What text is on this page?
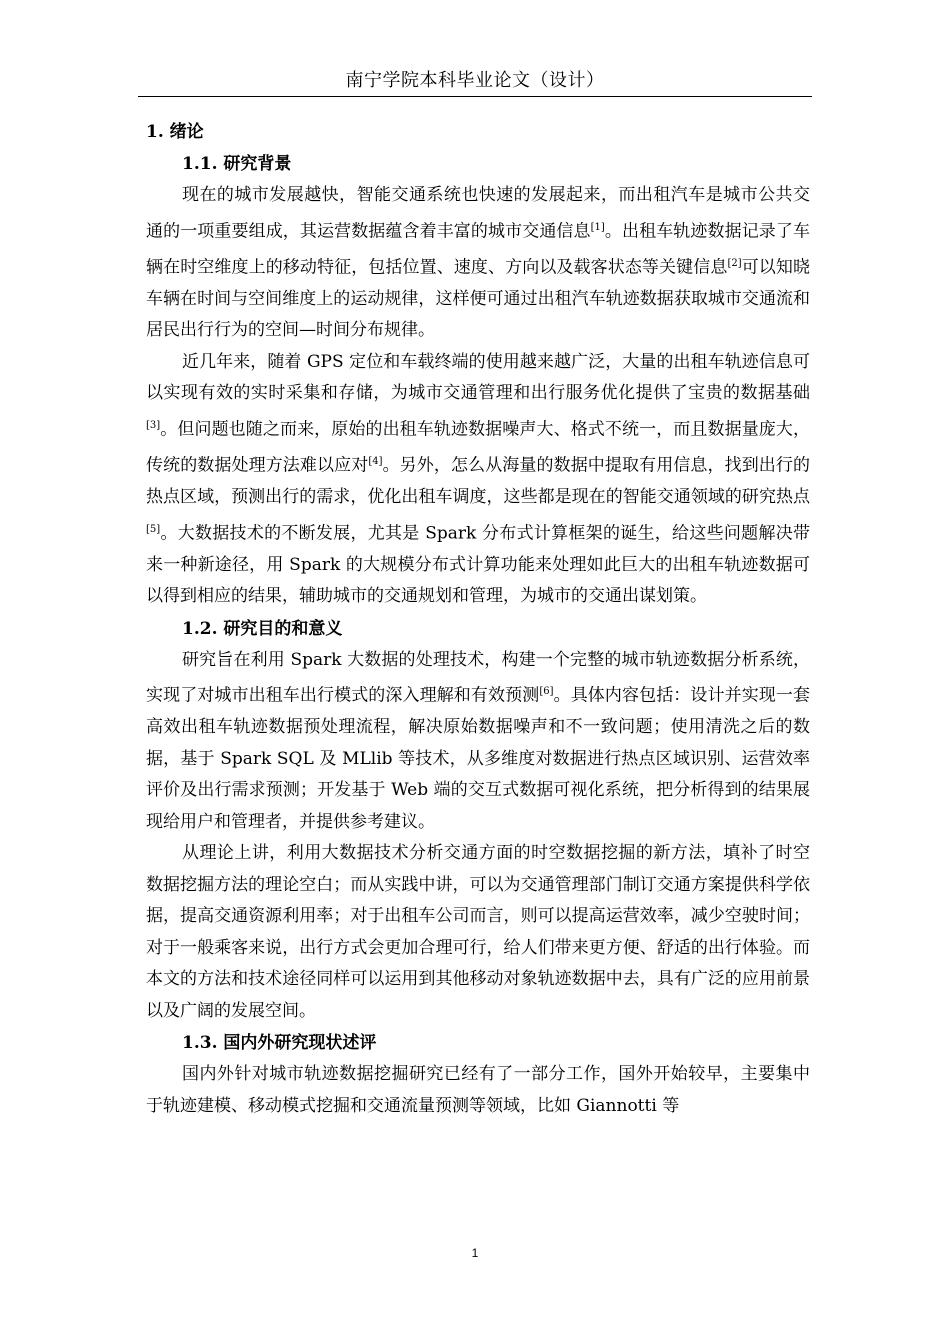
南宁学院本科毕业论文（设计）
1. 绪论
1.1. 研究背景

现在的城市发展越快，智能交通系统也快速的发展起来，而出租汽车是城市公共交通的一项重要组成，其运营数据蕴含着丰富的城市交通信息[1]。出租车轨迹数据记录了车辆在时空维度上的移动特征，包括位置、速度、方向以及载客状态等关键信息[2]可以知晓车辆在时间与空间维度上的运动规律，这样便可通过出租汽车轨迹数据获取城市交通流和居民出行行为的空间—时间分布规律。

近几年来，随着 GPS 定位和车载终端的使用越来越广泛，大量的出租车轨迹信息可以实现有效的实时采集和存储，为城市交通管理和出行服务优化提供了宝贵的数据基础[3]。但问题也随之而来，原始的出租车轨迹数据噪声大、格式不统一，而且数据量庞大，传统的数据处理方法难以应对[4]。另外，怎么从海量的数据中提取有用信息，找到出行的热点区域，预测出行的需求，优化出租车调度，这些都是现在的智能交通领域的研究热点[5]。大数据技术的不断发展，尤其是 Spark 分布式计算框架的诞生，给这些问题解决带来一种新途径，用 Spark 的大规模分布式计算功能来处理如此巨大的出租车轨迹数据可以得到相应的结果，辅助城市的交通规划和管理，为城市的交通出谋划策。

1.2. 研究目的和意义

研究旨在利用 Spark 大数据的处理技术，构建一个完整的城市轨迹数据分析系统，实现了对城市出租车出行模式的深入理解和有效预测[6]。具体内容包括：设计并实现一套高效出租车轨迹数据预处理流程，解决原始数据噪声和不一致问题；使用清洗之后的数据，基于 Spark SQL 及 MLlib 等技术，从多维度对数据进行热点区域识别、运营效率评价及出行需求预测；开发基于 Web 端的交互式数据可视化系统，把分析得到的结果展现给用户和管理者，并提供参考建议。

从理论上讲，利用大数据技术分析交通方面的时空数据挖掘的新方法，填补了时空数据挖掘方法的理论空白；而从实践中讲，可以为交通管理部门制订交通方案提供科学依据，提高交通资源利用率；对于出租车公司而言，则可以提高运营效率，减少空驶时间；对于一般乘客来说，出行方式会更加合理可行，给人们带来更方便、舒适的出行体验。而本文的方法和技术途径同样可以运用到其他移动对象轨迹数据中去，具有广泛的应用前景以及广阔的发展空间。

1.3. 国内外研究现状述评

国内外针对城市轨迹数据挖掘研究已经有了一部分工作，国外开始较早，主要集中于轨迹建模、移动模式挖掘和交通流量预测等领域，比如 Giannotti 等

1
